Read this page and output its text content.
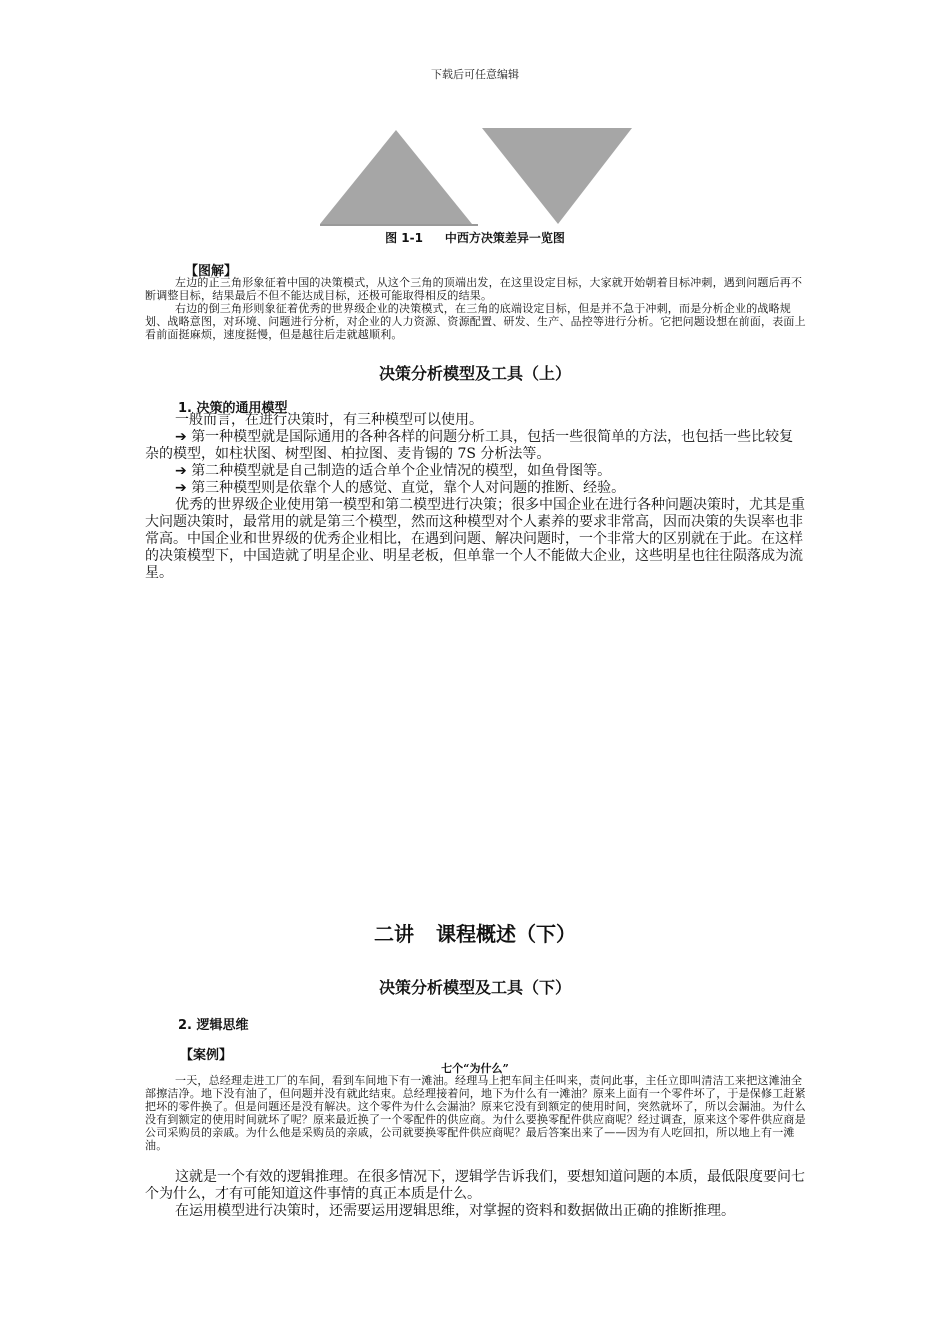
下载后可任意编辑
图 1-1 中西方决策差异一览图
【图解】

左边的正三角形象征着中国的决策模式，从这个三角的顶端出发，在这里设定目标，大家就开始朝着目标冲刺，遇到问题后再不断调整目标，结果最后不但不能达成目标，还极可能取得相反的结果。

右边的倒三角形则象征着优秀的世界级企业的决策模式，在三角的底端设定目标，但是并不急于冲刺，而是分析企业的战略规划、战略意图，对环境、问题进行分析，对企业的人力资源、资源配置、研发、生产、品控等进行分析。它把问题设想在前面，表面上看前面挺麻烦，速度挺慢，但是越往后走就越顺利。

决策分析模型及工具（上）
1. 决策的通用模型

一般而言，在进行决策时，有三种模型可以使用。

➔ 第一种模型就是国际通用的各种各样的问题分析工具，包括一些很简单的方法，也包括一些比较复杂的模型，如柱状图、树型图、柏拉图、麦肯锡的 7S 分析法等。

➔ 第二种模型就是自己制造的适合单个企业情况的模型，如鱼骨图等。

➔ 第三种模型则是依靠个人的感觉、直觉，靠个人对问题的推断、经验。

优秀的世界级企业使用第一模型和第二模型进行决策；很多中国企业在进行各种问题决策时，尤其是重大问题决策时，最常用的就是第三个模型，然而这种模型对个人素养的要求非常高，因而决策的失误率也非常高。中国企业和世界级的优秀企业相比，在遇到问题、解决问题时，一个非常大的区别就在于此。在这样的决策模型下，中国造就了明星企业、明星老板，但单靠一个人不能做大企业，这些明星也往往陨落成为流星。

二讲 课程概述（下）
决策分析模型及工具（下）
2. 逻辑思维
【案例】
七个“为什么”

一天，总经理走进工厂的车间，看到车间地下有一滩油。经理马上把车间主任叫来，责问此事，主任立即叫清洁工来把这滩油全部擦洁净。地下没有油了，但问题并没有就此结束。总经理接着问，地下为什么有一滩油？原来上面有一个零件坏了，于是保修工赶紧把坏的零件换了。但是问题还是没有解决。这个零件为什么会漏油？原来它没有到额定的使用时间，突然就坏了，所以会漏油。为什么没有到额定的使用时间就坏了呢？原来最近换了一个零配件的供应商。为什么要换零配件供应商呢？经过调查，原来这个零件供应商是公司采购员的亲戚。为什么他是采购员的亲戚，公司就要换零配件供应商呢？最后答案出来了——因为有人吃回扣，所以地上有一滩油。

这就是一个有效的逻辑推理。在很多情况下，逻辑学告诉我们，要想知道问题的本质，最低限度要问七个为什么，才有可能知道这件事情的真正本质是什么。

在运用模型进行决策时，还需要运用逻辑思维，对掌握的资料和数据做出正确的推断推理。
